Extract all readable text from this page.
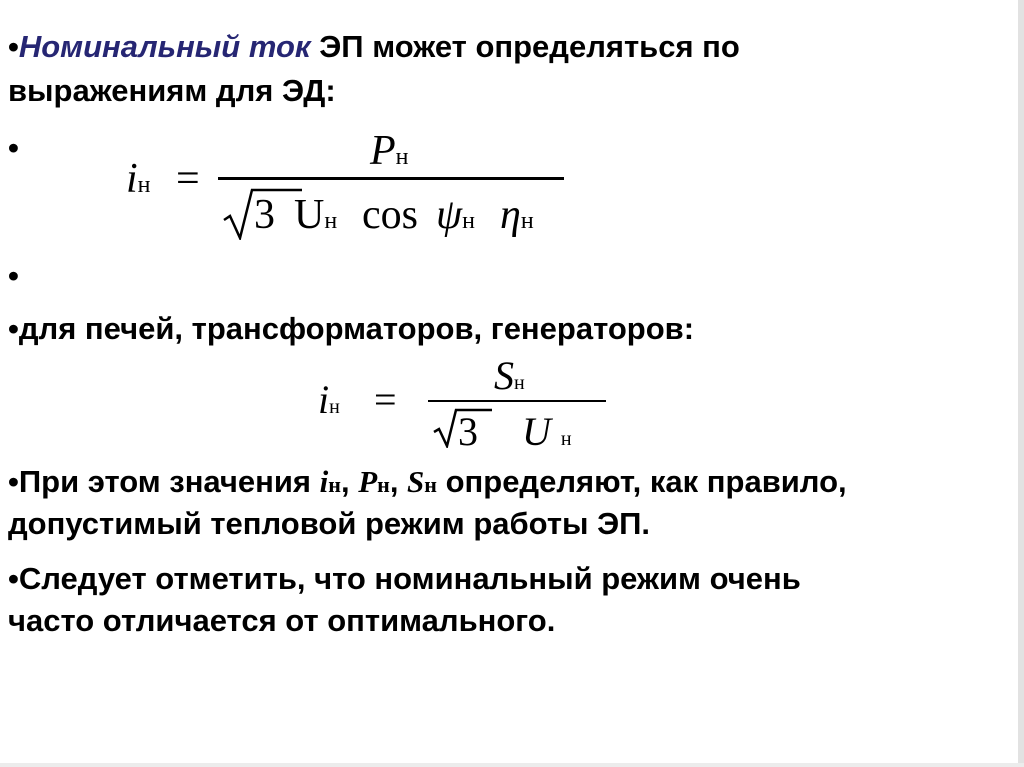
•Номинальный ток ЭП может определяться по
выражениям для ЭД:
•
iн =
Pн
3 Uн cos ψн ηн
•
•для печей, трансформаторов, генераторов:
iн =
Sн
3 Uн
•При этом значения iн, Pн, Sн определяют, как правило,
допустимый тепловой режим работы ЭП.
•Следует отметить, что номинальный режим очень
часто отличается от оптимального.
